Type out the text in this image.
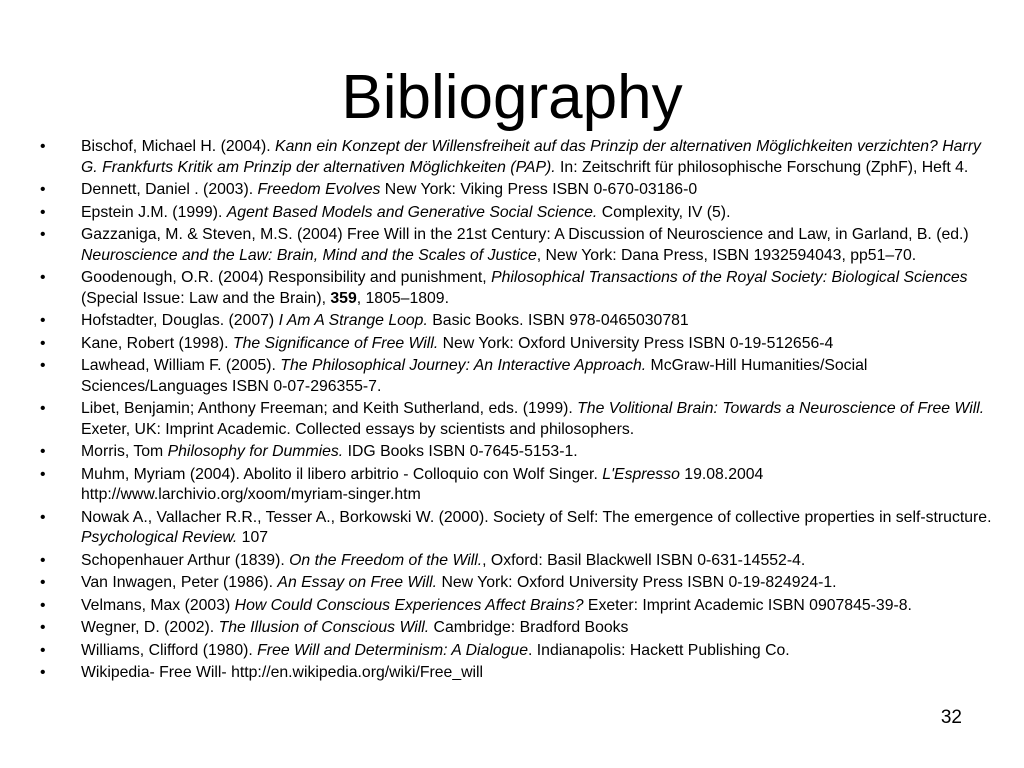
Bibliography
•	Bischof, Michael H. (2004). Kann ein Konzept der Willensfreiheit auf das Prinzip der alternativen Möglichkeiten verzichten? Harry G. Frankfurts Kritik am Prinzip der alternativen Möglichkeiten (PAP). In: Zeitschrift für philosophische Forschung (ZphF), Heft 4.
•	Dennett, Daniel . (2003). Freedom Evolves New York: Viking Press ISBN 0-670-03186-0
•	Epstein J.M. (1999). Agent Based Models and Generative Social Science. Complexity, IV (5).
•	Gazzaniga, M. & Steven, M.S. (2004) Free Will in the 21st Century: A Discussion of Neuroscience and Law, in Garland, B. (ed.) Neuroscience and the Law: Brain, Mind and the Scales of Justice, New York: Dana Press, ISBN 1932594043, pp51–70.
•	Goodenough, O.R. (2004) Responsibility and punishment, Philosophical Transactions of the Royal Society: Biological Sciences (Special Issue: Law and the Brain), 359, 1805–1809.
•	Hofstadter, Douglas. (2007) I Am A Strange Loop. Basic Books. ISBN 978-0465030781
•	Kane, Robert (1998). The Significance of Free Will. New York: Oxford University Press ISBN 0-19-512656-4
•	Lawhead, William F. (2005). The Philosophical Journey: An Interactive Approach. McGraw-Hill Humanities/Social Sciences/Languages ISBN 0-07-296355-7.
•	Libet, Benjamin; Anthony Freeman; and Keith Sutherland, eds. (1999). The Volitional Brain: Towards a Neuroscience of Free Will. Exeter, UK: Imprint Academic. Collected essays by scientists and philosophers.
•	Morris, Tom Philosophy for Dummies. IDG Books ISBN 0-7645-5153-1.
•	Muhm, Myriam (2004). Abolito il libero arbitrio - Colloquio con Wolf Singer. L'Espresso 19.08.2004 http://www.larchivio.org/xoom/myriam-singer.htm
•	Nowak A., Vallacher R.R., Tesser A., Borkowski W. (2000). Society of Self: The emergence of collective properties in self-structure. Psychological Review. 107
•	Schopenhauer Arthur (1839). On the Freedom of the Will., Oxford: Basil Blackwell ISBN 0-631-14552-4.
•	Van Inwagen, Peter (1986). An Essay on Free Will. New York: Oxford University Press ISBN 0-19-824924-1.
•	Velmans, Max (2003) How Could Conscious Experiences Affect Brains? Exeter: Imprint Academic ISBN 0907845-39-8.
•	Wegner, D. (2002). The Illusion of Conscious Will. Cambridge: Bradford Books
•	Williams, Clifford (1980). Free Will and Determinism: A Dialogue. Indianapolis: Hackett Publishing Co.
•	Wikipedia- Free Will- http://en.wikipedia.org/wiki/Free_will
32
